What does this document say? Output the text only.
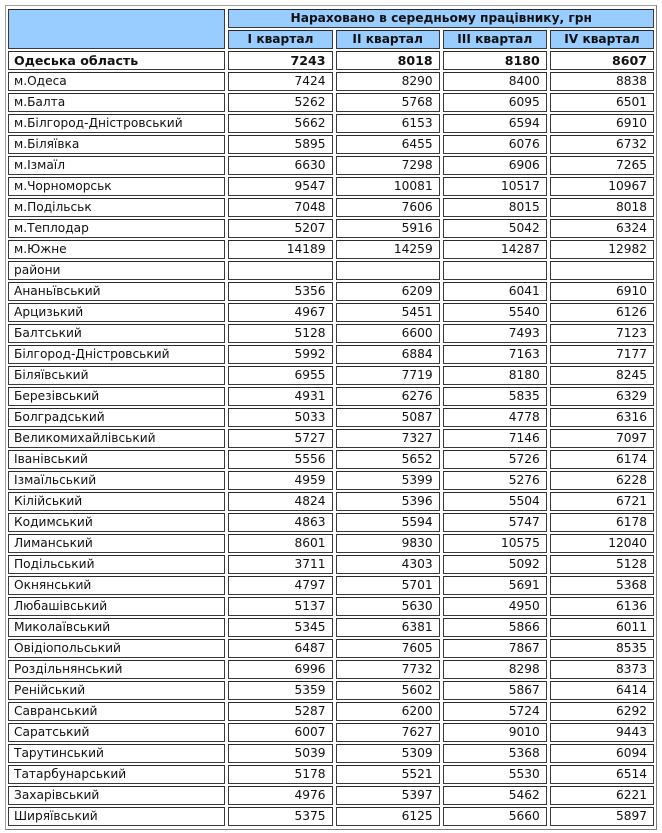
	Нараховано в середньому працівнику, грн			
	I квартал	II квартал	III квартал	IV квартал
Одеська область	7243	8018	8180	8607
м.Одеса	7424	8290	8400	8838
м.Балта	5262	5768	6095	6501
м.Білгород-Дністровський	5662	6153	6594	6910
м.Біляївка	5895	6455	6076	6732
м.Ізмаїл	6630	7298	6906	7265
м.Чорноморськ	9547	10081	10517	10967
м.Подільськ	7048	7606	8015	8018
м.Теплодар	5207	5916	5042	6324
м.Южне	14189	14259	14287	12982
райони				
Ананьївський	5356	6209	6041	6910
Арцизький	4967	5451	5540	6126
Балтський	5128	6600	7493	7123
Білгород-Дністровський	5992	6884	7163	7177
Біляївський	6955	7719	8180	8245
Березівський	4931	6276	5835	6329
Болградський	5033	5087	4778	6316
Великомихайлівський	5727	7327	7146	7097
Іванівський	5556	5652	5726	6174
Ізмаїльський	4959	5399	5276	6228
Кілійський	4824	5396	5504	6721
Кодимський	4863	5594	5747	6178
Лиманський	8601	9830	10575	12040
Подільський	3711	4303	5092	5128
Окнянський	4797	5701	5691	5368
Любашівський	5137	5630	4950	6136
Миколаївський	5345	6381	5866	6011
Овідіопольський	6487	7605	7867	8535
Роздільнянський	6996	7732	8298	8373
Ренійський	5359	5602	5867	6414
Савранський	5287	6200	5724	6292
Саратський	6007	7627	9010	9443
Тарутинський	5039	5309	5368	6094
Татарбунарський	5178	5521	5530	6514
Захарівський	4976	5397	5462	6221
Ширяївський	5375	6125	5660	5897
